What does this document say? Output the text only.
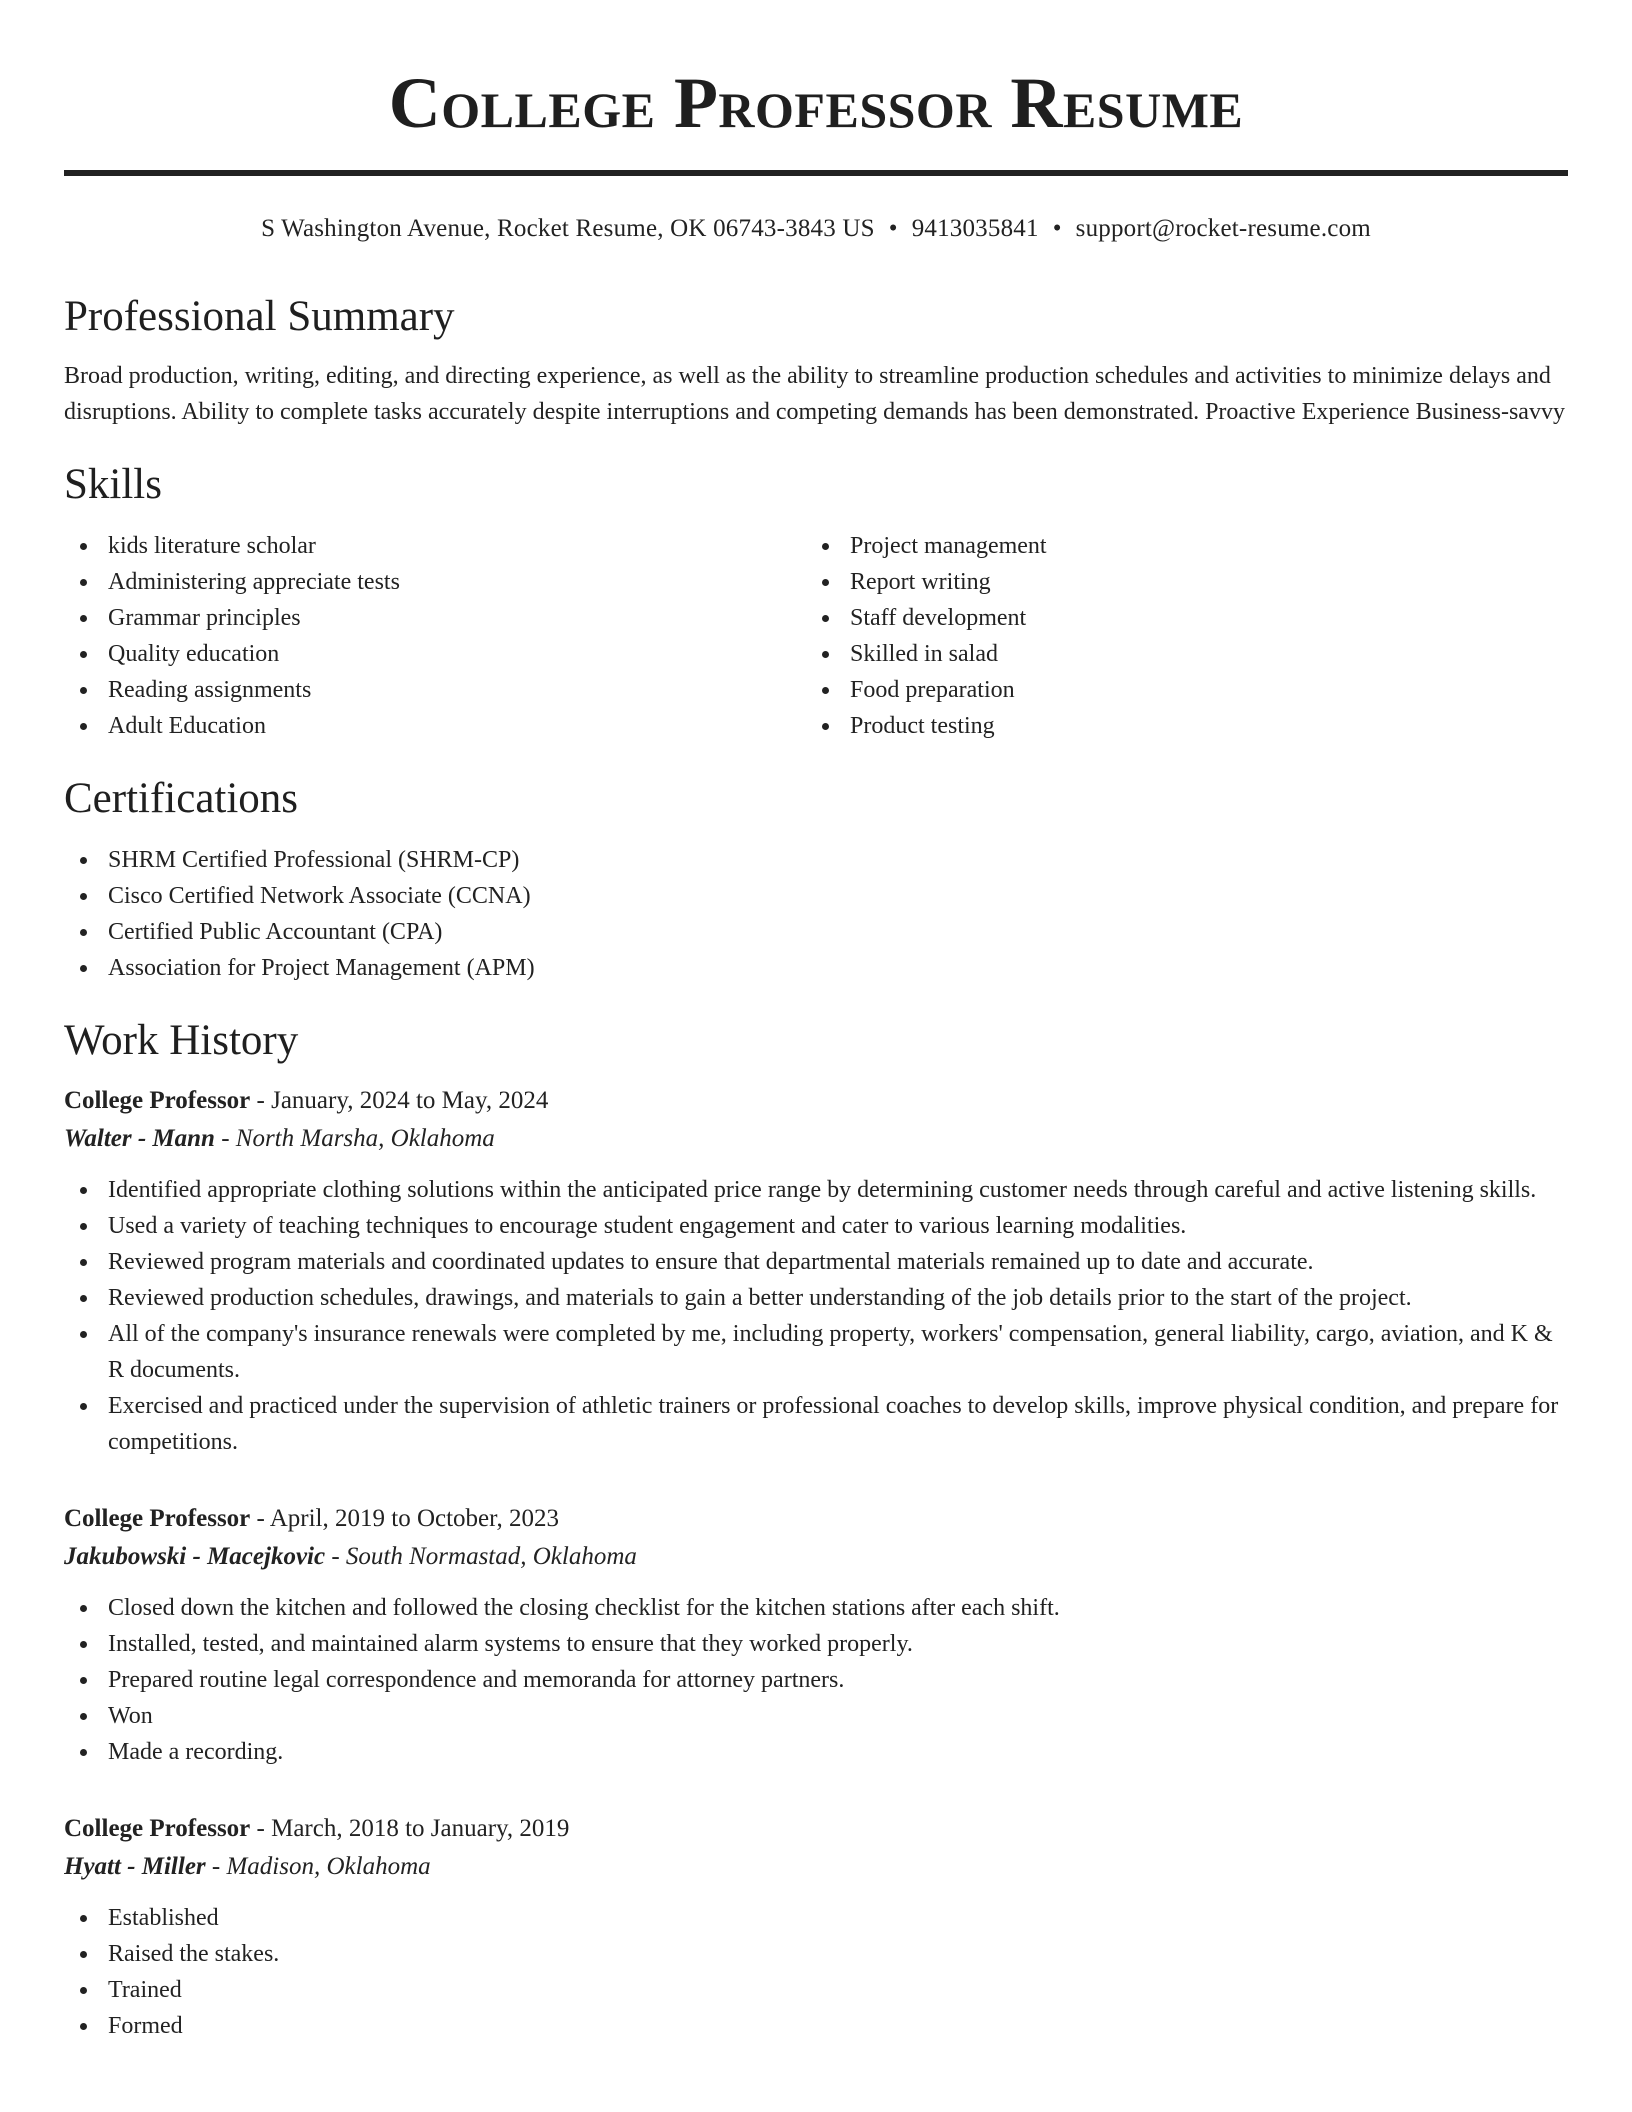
College Professor Resume
S Washington Avenue, Rocket Resume, OK 06743-3843 US • 9413035841 • support@rocket-resume.com
Professional Summary

Broad production, writing, editing, and directing experience, as well as the ability to streamline production schedules and activities to minimize delays and disruptions. Ability to complete tasks accurately despite interruptions and competing demands has been demonstrated. Proactive Experience Business-savvy

Skills
kids literature scholar
Administering appreciate tests
Grammar principles
Quality education
Reading assignments
Adult Education
Project management
Report writing
Staff development
Skilled in salad
Food preparation
Product testing
Certifications
SHRM Certified Professional (SHRM-CP)
Cisco Certified Network Associate (CCNA)
Certified Public Accountant (CPA)
Association for Project Management (APM)
Work History
College Professor - January, 2024 to May, 2024
Walter - Mann - North Marsha, Oklahoma
Identified appropriate clothing solutions within the anticipated price range by determining customer needs through careful and active listening skills.
Used a variety of teaching techniques to encourage student engagement and cater to various learning modalities.
Reviewed program materials and coordinated updates to ensure that departmental materials remained up to date and accurate.
Reviewed production schedules, drawings, and materials to gain a better understanding of the job details prior to the start of the project.
All of the company's insurance renewals were completed by me, including property, workers' compensation, general liability, cargo, aviation, and K & R documents.
Exercised and practiced under the supervision of athletic trainers or professional coaches to develop skills, improve physical condition, and prepare for competitions.
College Professor - April, 2019 to October, 2023
Jakubowski - Macejkovic - South Normastad, Oklahoma
Closed down the kitchen and followed the closing checklist for the kitchen stations after each shift.
Installed, tested, and maintained alarm systems to ensure that they worked properly.
Prepared routine legal correspondence and memoranda for attorney partners.
Won
Made a recording.
College Professor - March, 2018 to January, 2019
Hyatt - Miller - Madison, Oklahoma
Established
Raised the stakes.
Trained
Formed
